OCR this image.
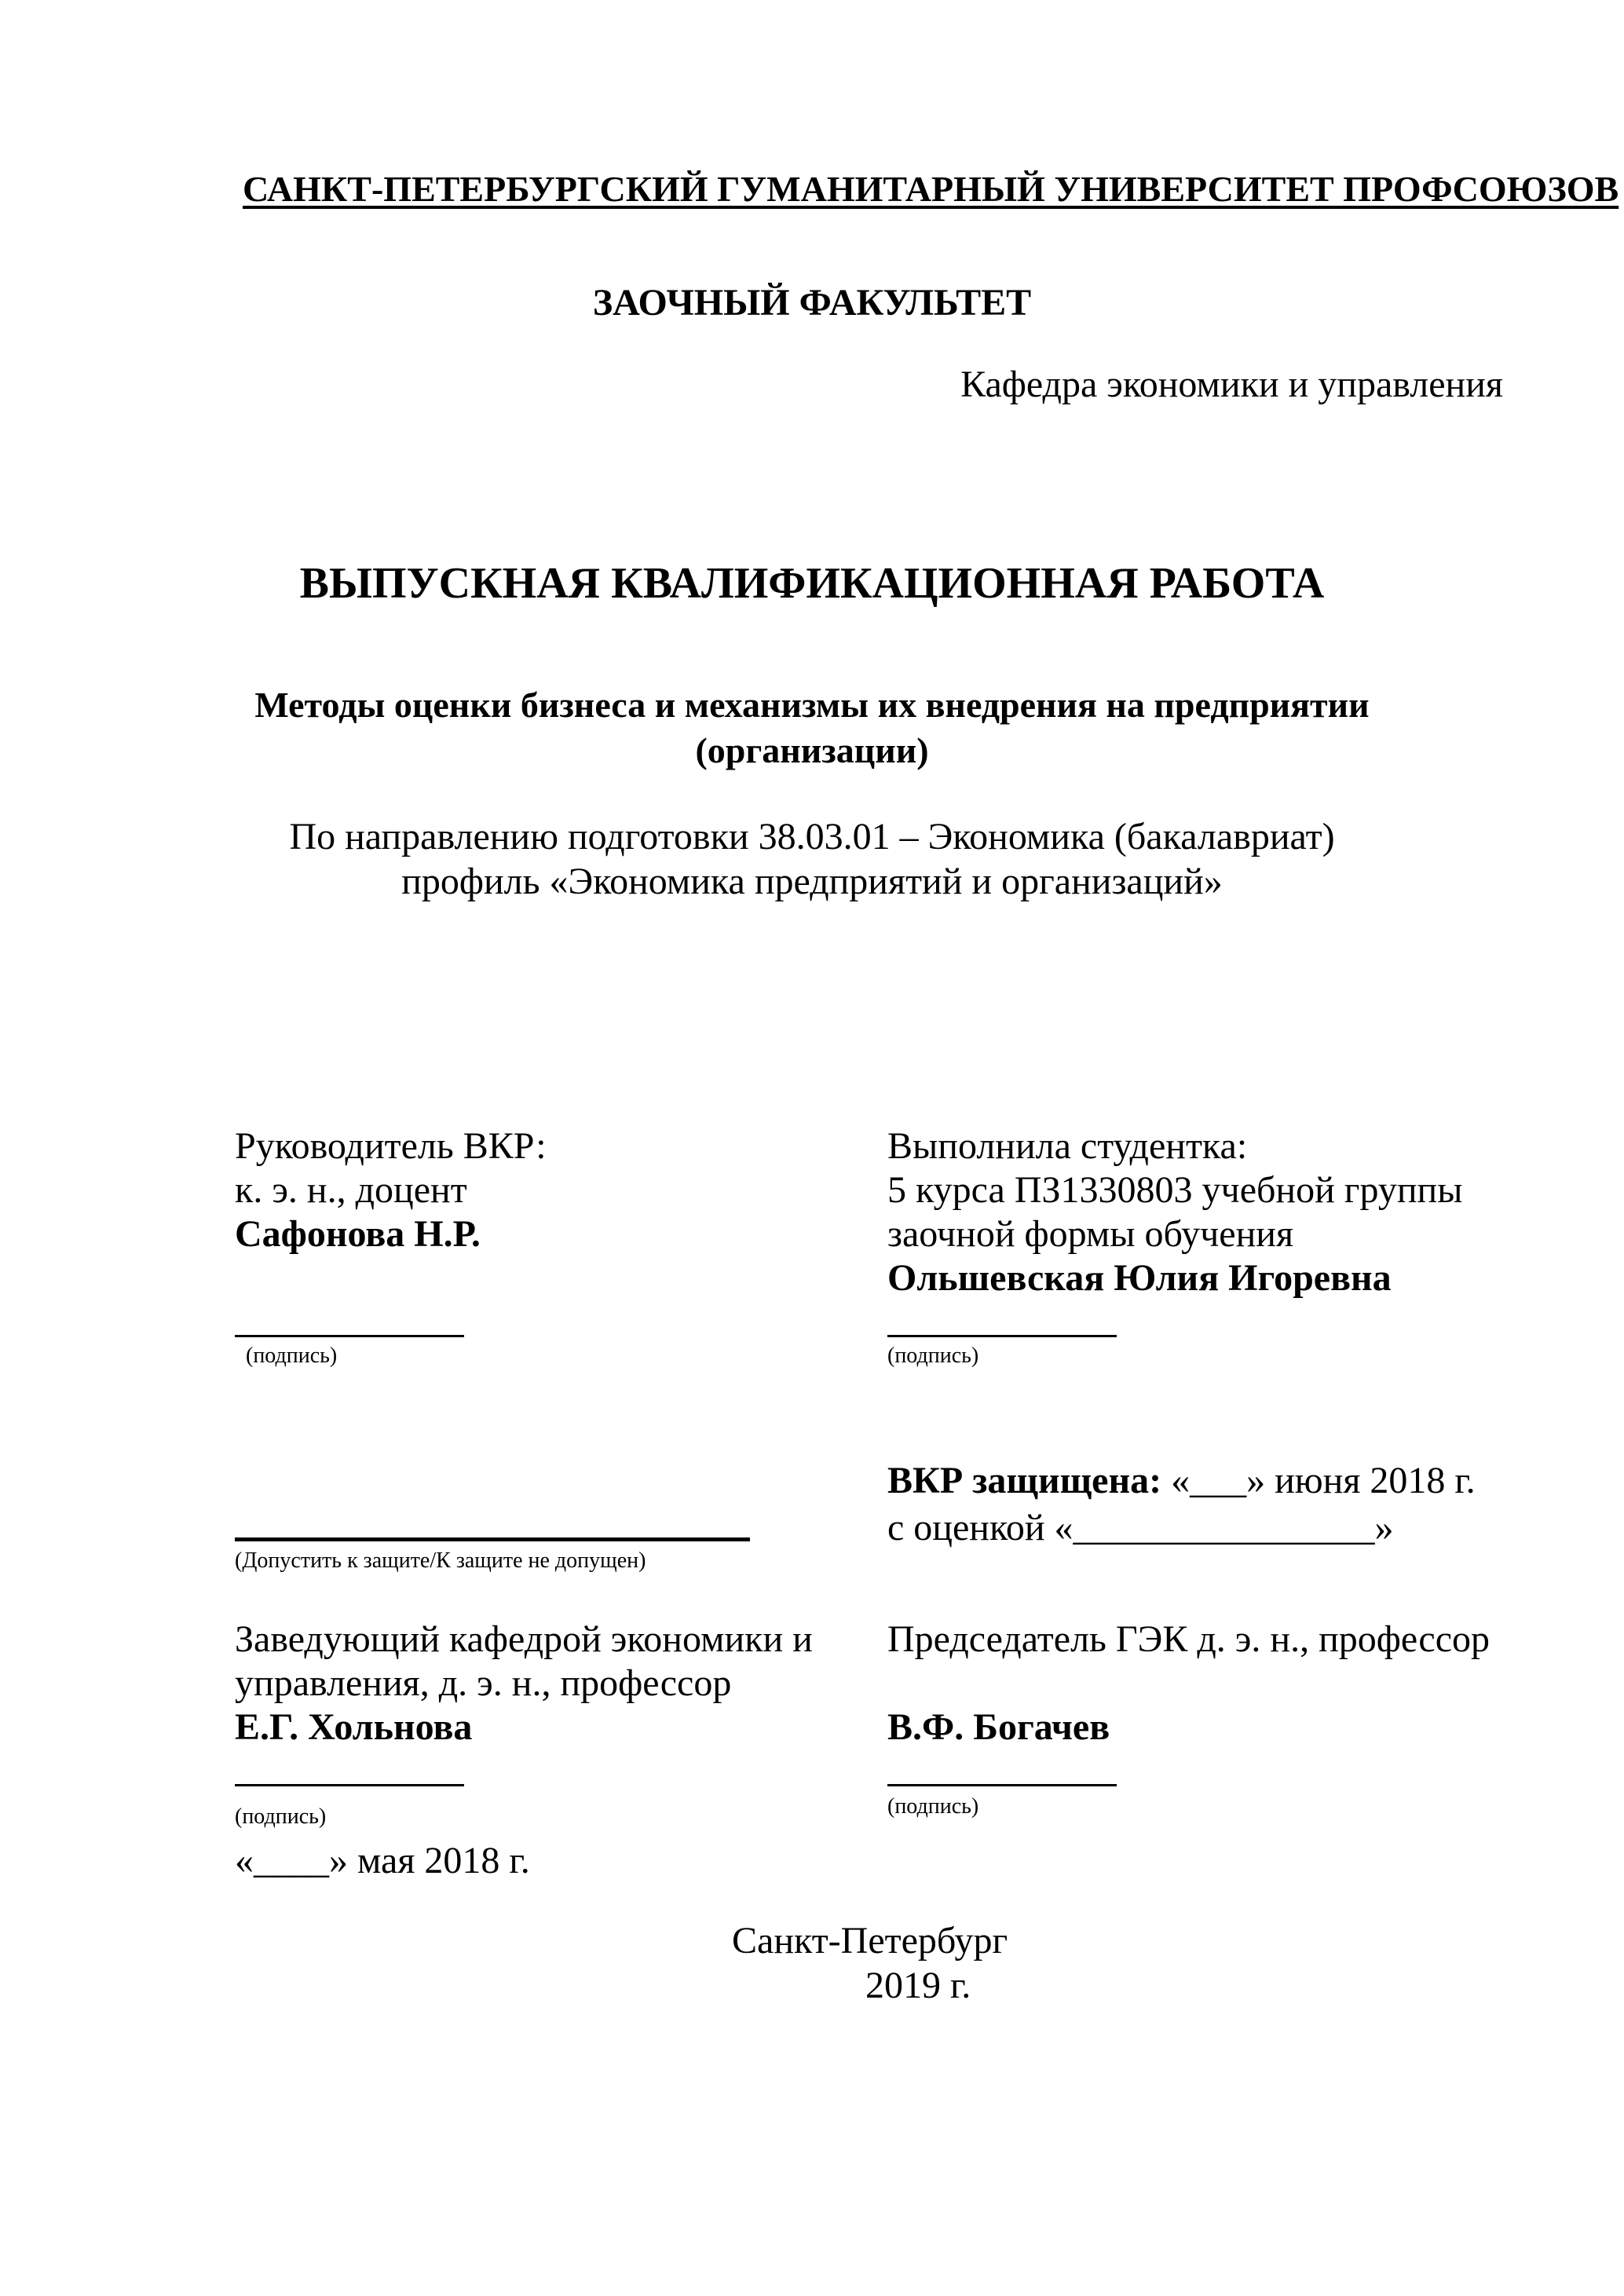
САНКТ-ПЕТЕРБУРГСКИЙ ГУМАНИТАРНЫЙ УНИВЕРСИТЕТ ПРОФСОЮЗОВ
ЗАОЧНЫЙ ФАКУЛЬТЕТ
Кафедра экономики и управления
ВЫПУСКНАЯ КВАЛИФИКАЦИОННАЯ РАБОТА
Методы оценки бизнеса и механизмы их внедрения на предприятии
(организации)
По направлению подготовки 38.03.01 – Экономика (бакалавриат)
профиль «Экономика предприятий и организаций»
Руководитель ВКР:
к. э. н., доцент
Сафонова Н.Р.
(подпись)
Выполнила студентка:
5 курса ПЗ1330803 учебной группы
заочной формы обучения
Ольшевская Юлия Игоревна
(подпись)
(Допустить к защите/К защите не допущен)
ВКР защищена: «___» июня 2018 г.
с оценкой «________________»
Заведующий кафедрой экономики и
управления, д. э. н., профессор
Е.Г. Хольнова
(подпись)
«____» мая 2018 г.
Председатель ГЭК д. э. н., профессор
В.Ф. Богачев
(подпись)
Санкт-Петербург
2019 г.
